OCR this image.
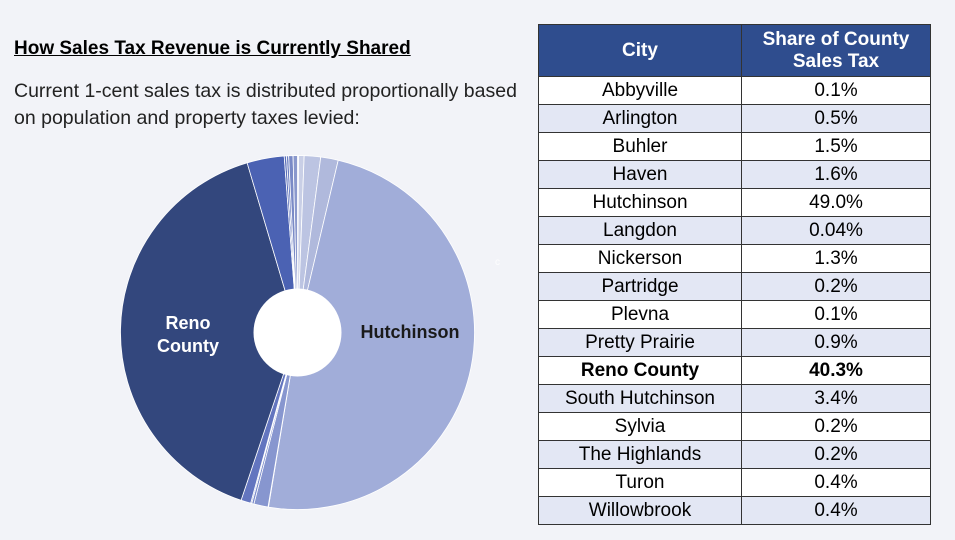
How Sales Tax Revenue is Currently Shared
Current 1-cent sales tax is distributed proportionally based on population and property taxes levied:
c
Hutchinson
Reno County
City	Share of County Sales Tax
Abbyville	0.1%
Arlington	0.5%
Buhler	1.5%
Haven	1.6%
Hutchinson	49.0%
Langdon	0.04%
Nickerson	1.3%
Partridge	0.2%
Plevna	0.1%
Pretty Prairie	0.9%
Reno County	40.3%
South Hutchinson	3.4%
Sylvia	0.2%
The Highlands	0.2%
Turon	0.4%
Willowbrook	0.4%
